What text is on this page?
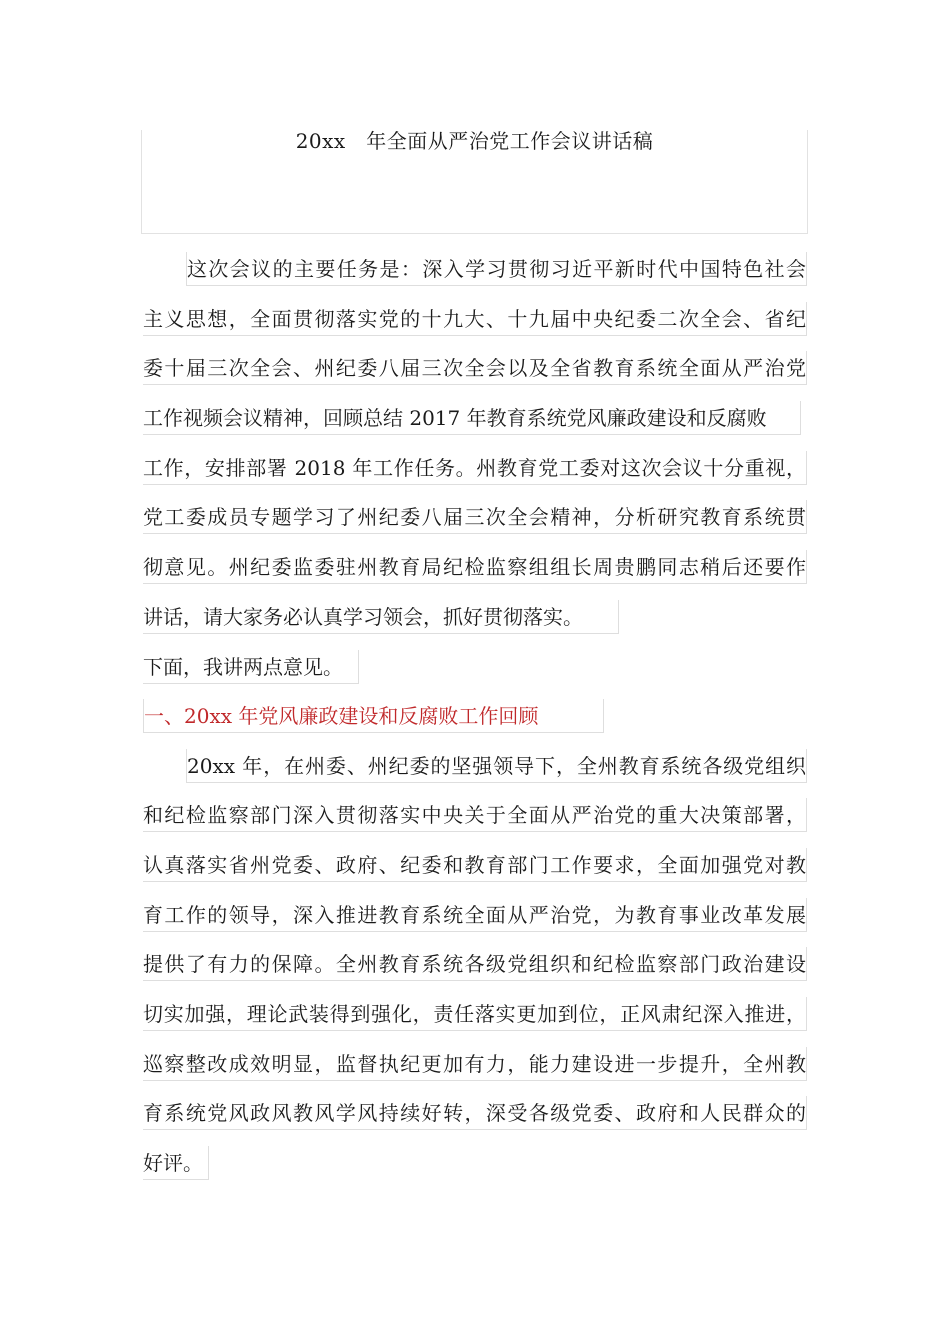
20xx   年全面从严治党工作会议讲话稿
这次会议的主要任务是：深入学习贯彻习近平新时代中国特色社会
主义思想，全面贯彻落实党的十九大、十九届中央纪委二次全会、省纪
委十届三次全会、州纪委八届三次全会以及全省教育系统全面从严治党
工作视频会议精神，回顾总结 2017 年教育系统党风廉政建设和反腐败
工作，安排部署 2018 年工作任务。州教育党工委对这次会议十分重视，
党工委成员专题学习了州纪委八届三次全会精神，分析研究教育系统贯
彻意见。州纪委监委驻州教育局纪检监察组组长周贵鹏同志稍后还要作
讲话，请大家务必认真学习领会，抓好贯彻落实。
下面，我讲两点意见。
一、20xx 年党风廉政建设和反腐败工作回顾
20xx 年，在州委、州纪委的坚强领导下，全州教育系统各级党组织
和纪检监察部门深入贯彻落实中央关于全面从严治党的重大决策部署，
认真落实省州党委、政府、纪委和教育部门工作要求，全面加强党对教
育工作的领导，深入推进教育系统全面从严治党，为教育事业改革发展
提供了有力的保障。全州教育系统各级党组织和纪检监察部门政治建设
切实加强，理论武装得到强化，责任落实更加到位，正风肃纪深入推进，
巡察整改成效明显，监督执纪更加有力，能力建设进一步提升，全州教
育系统党风政风教风学风持续好转，深受各级党委、政府和人民群众的
好评。
